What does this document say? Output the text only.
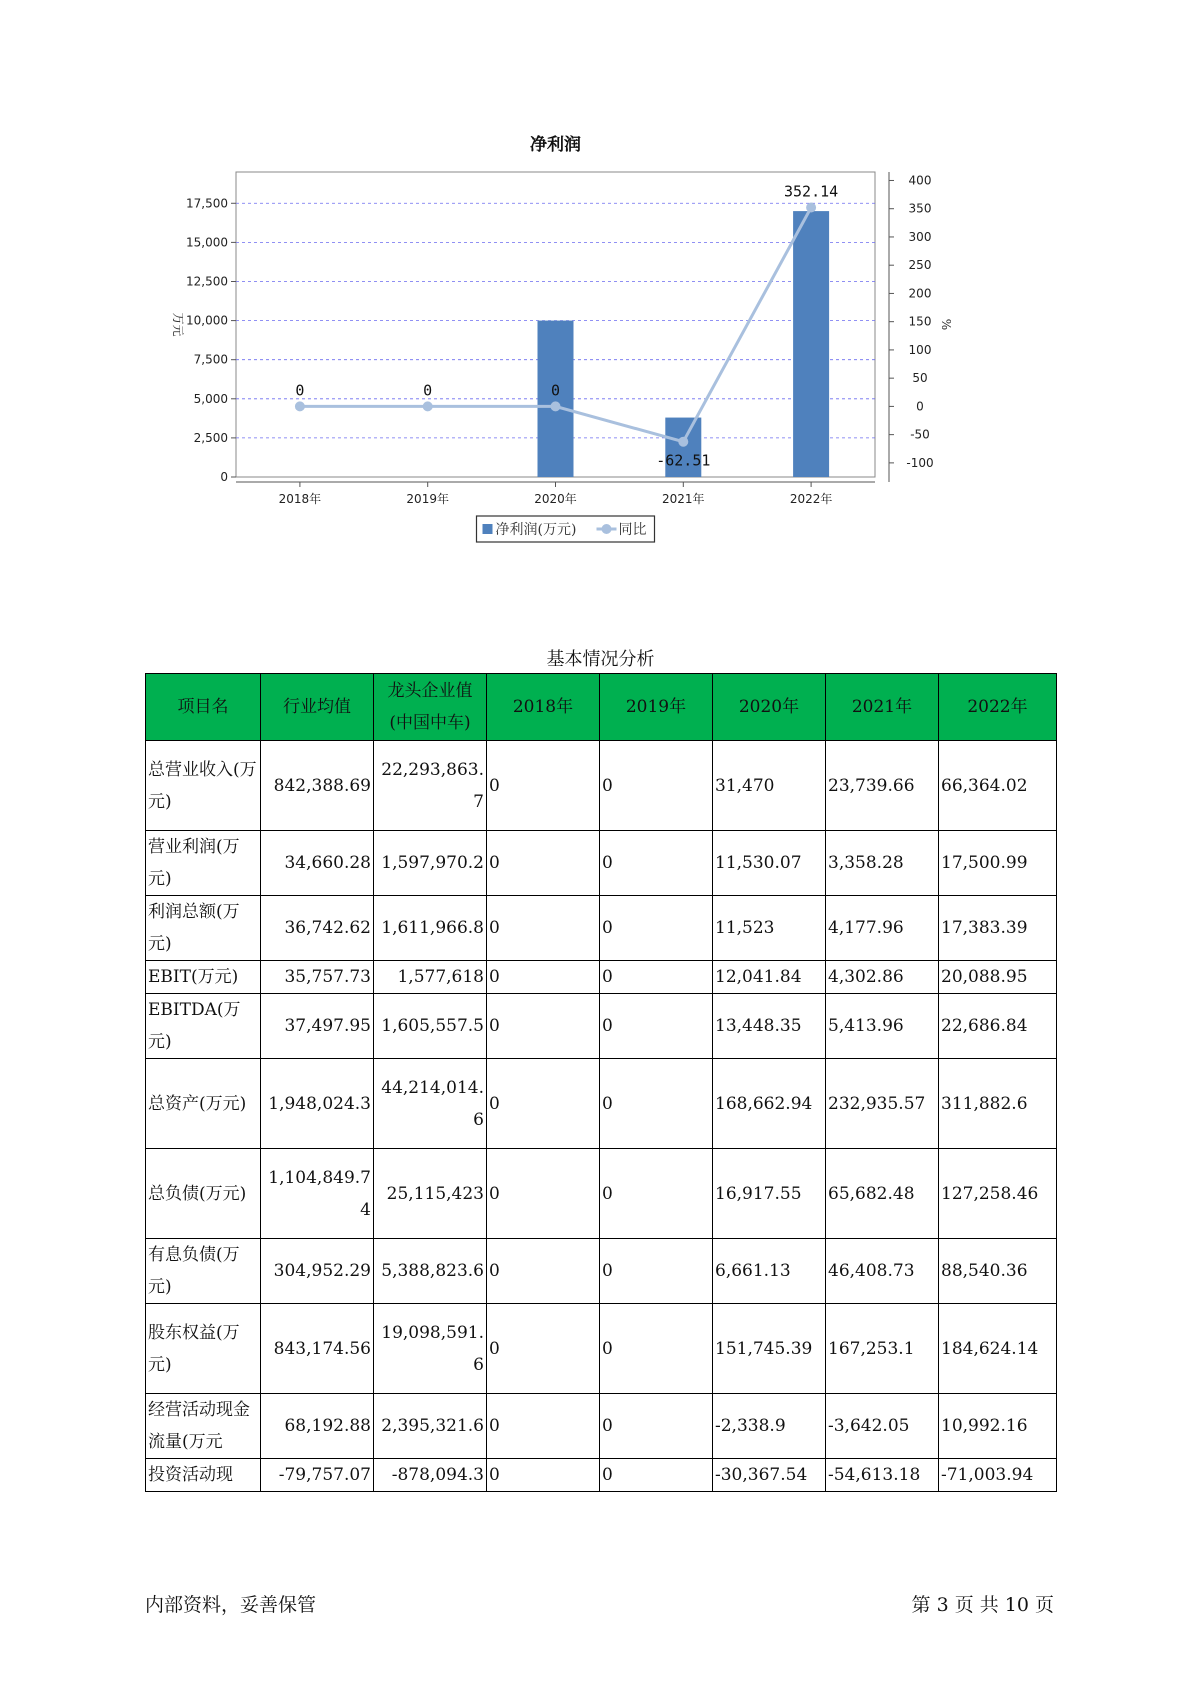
净利润
0
2,500
5,000
7,500
10,000
12,500
15,000
17,500
400
350
300
250
200
150
100
50
0
-50
-100
万元	%
2018年	2019年	2020年	2021年	2022年
0	0	0
-62.51
352.14
净利润(万元)	同比
基本情况分析
项目名	行业均值	龙头企业值(中国中车)	2018年	2019年	2020年	2021年	2022年
总营业收入(万元)	842,388.69	22,293,863.7	0	0	31,470	23,739.66	66,364.02
营业利润(万元)	34,660.28	1,597,970.2	0	0	11,530.07	3,358.28	17,500.99
利润总额(万元)	36,742.62	1,611,966.8	0	0	11,523	4,177.96	17,383.39
EBIT(万元)	35,757.73	1,577,618	0	0	12,041.84	4,302.86	20,088.95
EBITDA(万元)	37,497.95	1,605,557.5	0	0	13,448.35	5,413.96	22,686.84
总资产(万元)	1,948,024.3	44,214,014.6	0	0	168,662.94	232,935.57	311,882.6
总负债(万元)	1,104,849.74	25,115,423	0	0	16,917.55	65,682.48	127,258.46
有息负债(万元)	304,952.29	5,388,823.6	0	0	6,661.13	46,408.73	88,540.36
股东权益(万元)	843,174.56	19,098,591.6	0	0	151,745.39	167,253.1	184,624.14
经营活动现金流量(万元	68,192.88	2,395,321.6	0	0	-2,338.9	-3,642.05	10,992.16
投资活动现	-79,757.07	-878,094.3	0	0	-30,367.54	-54,613.18	-71,003.94
内部资料，妥善保管	第 3 页 共 10 页
